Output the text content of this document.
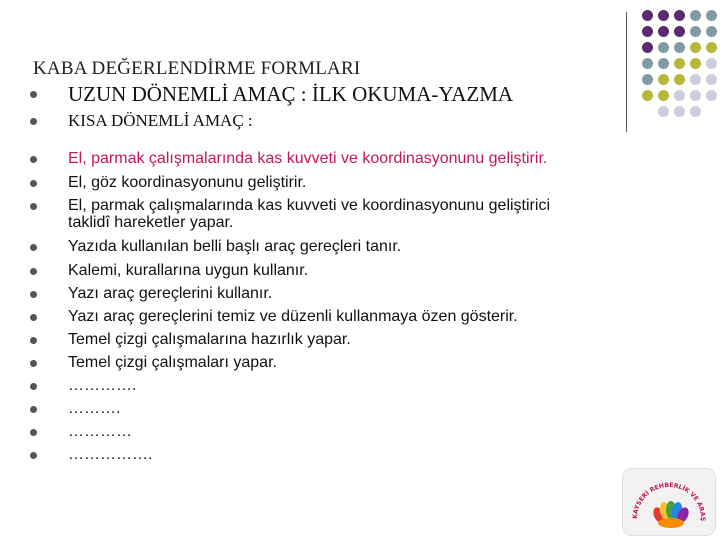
KABA DEĞERLENDİRME FORMLARI
UZUN DÖNEMLİ AMAÇ : İLK OKUMA-YAZMA
KISA DÖNEMLİ AMAÇ :
El, parmak çalışmalarında kas kuvveti ve koordinasyonunu geliştirir.
El, göz koordinasyonunu geliştirir.
El, parmak çalışmalarında kas kuvveti ve koordinasyonunu geliştirici
taklidî hareketler yapar.
Yazıda kullanılan belli başlı araç gereçleri tanır.
Kalemi, kurallarına uygun kullanır.
Yazı araç gereçlerini kullanır.
Yazı araç gereçlerini temiz ve düzenli kullanmaya özen gösterir.
Temel çizgi çalışmalarına hazırlık yapar.
Temel çizgi çalışmaları yapar.
………….
……….
…………
…………….
KAYSERİ REHBERLİK VE ARAŞ
